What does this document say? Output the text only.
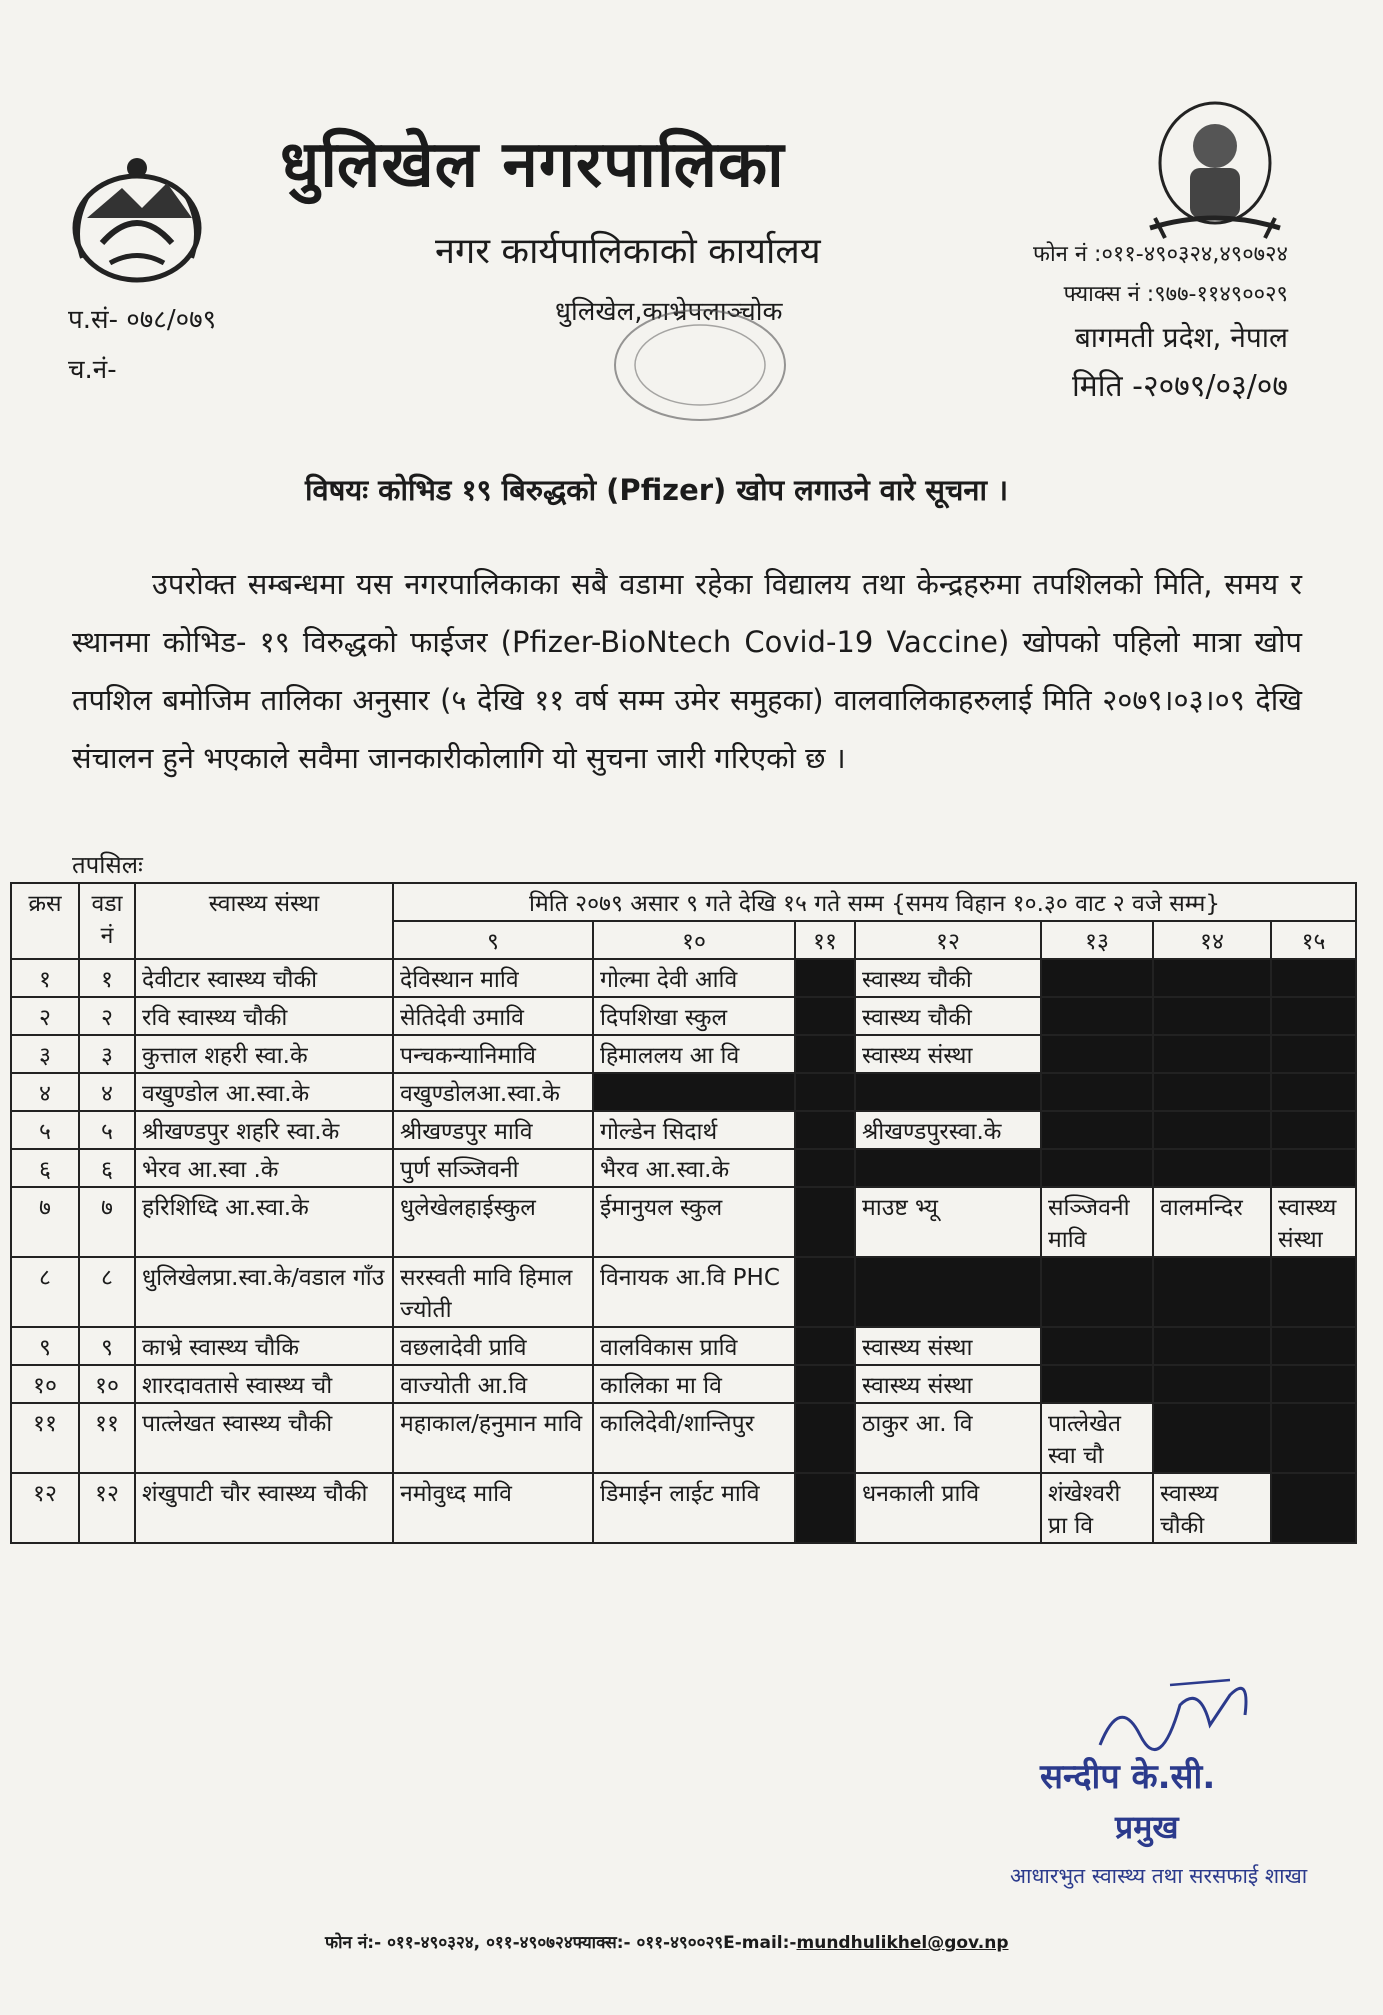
धुलिखेल नगरपालिका
नगर कार्यपालिकाको कार्यालय
धुलिखेल,काभ्रेपलाञ्चोक
प.सं- ०७८/०७९
च.नं-
फोन नं :०११-४९०३२४,४९०७२४
फ्याक्स नं :९७७-११४९००२९
बागमती प्रदेश, नेपाल
मिति -२०७९/०३/०७
विषयः कोभिड १९ बिरुद्धको (Pfizer) खोप लगाउने वारे सूचना ।
उपरोक्त सम्बन्धमा यस नगरपालिकाका सबै वडामा रहेका विद्यालय तथा केन्द्रहरुमा तपशिलको मिति, समय र स्थानमा कोभिड- १९ विरुद्धको फाईजर (Pfizer-BioNtech Covid-19 Vaccine) खोपको पहिलो मात्रा खोप तपशिल बमोजिम तालिका अनुसार (५ देखि ११ वर्ष सम्म उमेर समुहका) वालवालिकाहरुलाई मिति २०७९।०३।०९ देखि संचालन हुने भएकाले सवैमा जानकारीकोलागि यो सुचना जारी गरिएको छ ।
तपसिलः
क्रस	वडा नं	स्वास्थ्य संस्था	मिति २०७९ असार ९ गते देखि १५ गते सम्म {समय विहान १०.३० वाट २ वजे सम्म}						
			९	१०	११	१२	१३	१४	१५
१	१	देवीटार स्वास्थ्य चौकी	देविस्थान मावि	गोल्मा देवी आवि		स्वास्थ्य चौकी			
२	२	रवि स्वास्थ्य चौकी	सेतिदेवी उमावि	दिपशिखा स्कुल		स्वास्थ्य चौकी			
३	३	कुत्ताल शहरी स्वा.के	पन्चकन्यानिमावि	हिमाललय आ वि		स्वास्थ्य संस्था			
४	४	वखुण्डोल आ.स्वा.के	वखुण्डोलआ.स्वा.के						
५	५	श्रीखण्डपुर शहरि स्वा.के	श्रीखण्डपुर मावि	गोल्डेन सिदार्थ		श्रीखण्डपुरस्वा.के			
६	६	भेरव आ.स्वा .के	पुर्ण सञ्जिवनी	भैरव आ.स्वा.के					
७	७	हरिशिध्दि आ.स्वा.के	धुलेखेलहाईस्कुल	ईमानुयल स्कुल		माउष्ट भ्यू	सञ्जिवनी मावि	वालमन्दिर	स्वास्थ्य संस्था
८	८	धुलिखेलप्रा.स्वा.के/वडाल गाँउ	सरस्वती मावि हिमाल ज्योती	विनायक आ.वि PHC					
९	९	काभ्रे स्वास्थ्य चौकि	वछलादेवी प्रावि	वालविकास प्रावि		स्वास्थ्य संस्था			
१०	१०	शारदावतासे स्वास्थ्य चौ	वाज्योती आ.वि	कालिका मा वि		स्वास्थ्य संस्था			
११	११	पात्लेखत स्वास्थ्य चौकी	महाकाल/हनुमान मावि	कालिदेवी/शान्तिपुर		ठाकुर आ. वि	पात्लेखेत स्वा चौ		
१२	१२	शंखुपाटी चौर स्वास्थ्य चौकी	नमोवुध्द मावि	डिमाईन लाईट मावि		धनकाली प्रावि	शंखेश्वरी प्रा वि	स्वास्थ्य चौकी	
सन्दीप के.सी.
प्रमुख
आधारभुत स्वास्थ्य तथा सरसफाई शाखा
फोन नं:- ०११-४९०३२४, ०११-४९०७२४फ्याक्स:- ०११-४९००२९E-mail:-mundhulikhel@gov.np
